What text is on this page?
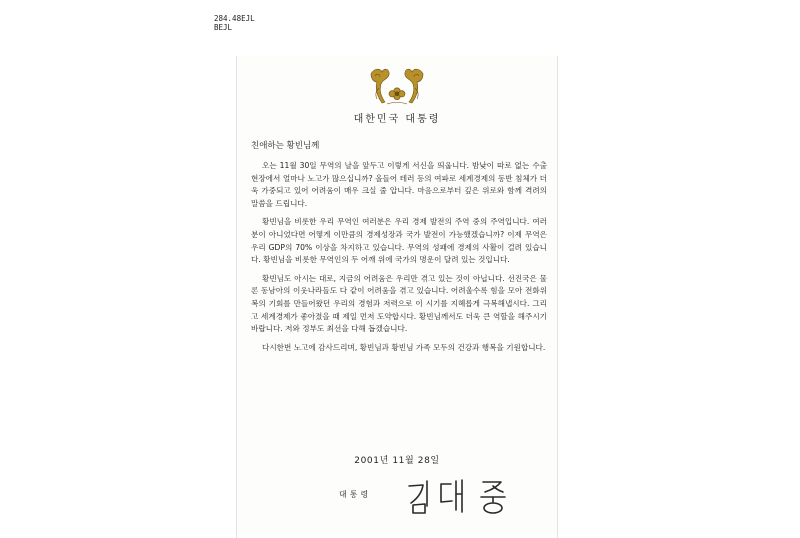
284.48EJL
BEJL
대한민국 대통령
친애하는 황빈님께

오는 11월 30일 무역의 날을 앞두고 이렇게 서신을 띄웁니다. 밤낮이 따로 없는 수출현장에서 얼마나 노고가 많으십니까? 올들어 테러 등의 여파로 세계경제의 동반 침체가 더욱 가중되고 있어 어려움이 매우 크실 줄 압니다. 마음으로부터 깊은 위로와 함께 격려의 말씀을 드립니다.

황빈님을 비롯한 우리 무역인 여러분은 우리 경제 발전의 주역 중의 주역입니다. 여러분이 아니었다면 어떻게 이만큼의 경제성장과 국가 발전이 가능했겠습니까? 이제 무역은 우리 GDP의 70% 이상을 차지하고 있습니다. 무역의 성패에 경제의 사활이 걸려 있습니다. 황빈님을 비롯한 무역인의 두 어깨 위에 국가의 명운이 달려 있는 것입니다.

황빈님도 아시는 대로, 지금의 어려움은 우리만 겪고 있는 것이 아닙니다. 선진국은 물론 동남아의 이웃나라들도 다 같이 어려움을 겪고 있습니다. 어려울수록 힘을 모아 전화위복의 기회를 만들어왔던 우리의 경험과 저력으로 이 시기를 지혜롭게 극복해냅시다. 그리고 세계경제가 좋아졌을 때 제일 먼저 도약합시다. 황빈님께서도 더욱 큰 역할을 해주시기 바랍니다. 저와 정부도 최선을 다해 돕겠습니다.

다시한번 노고에 감사드리며, 황빈님과 황빈님 가족 모두의 건강과 행복을 기원합니다.

2001년 11월 28일
대통령
